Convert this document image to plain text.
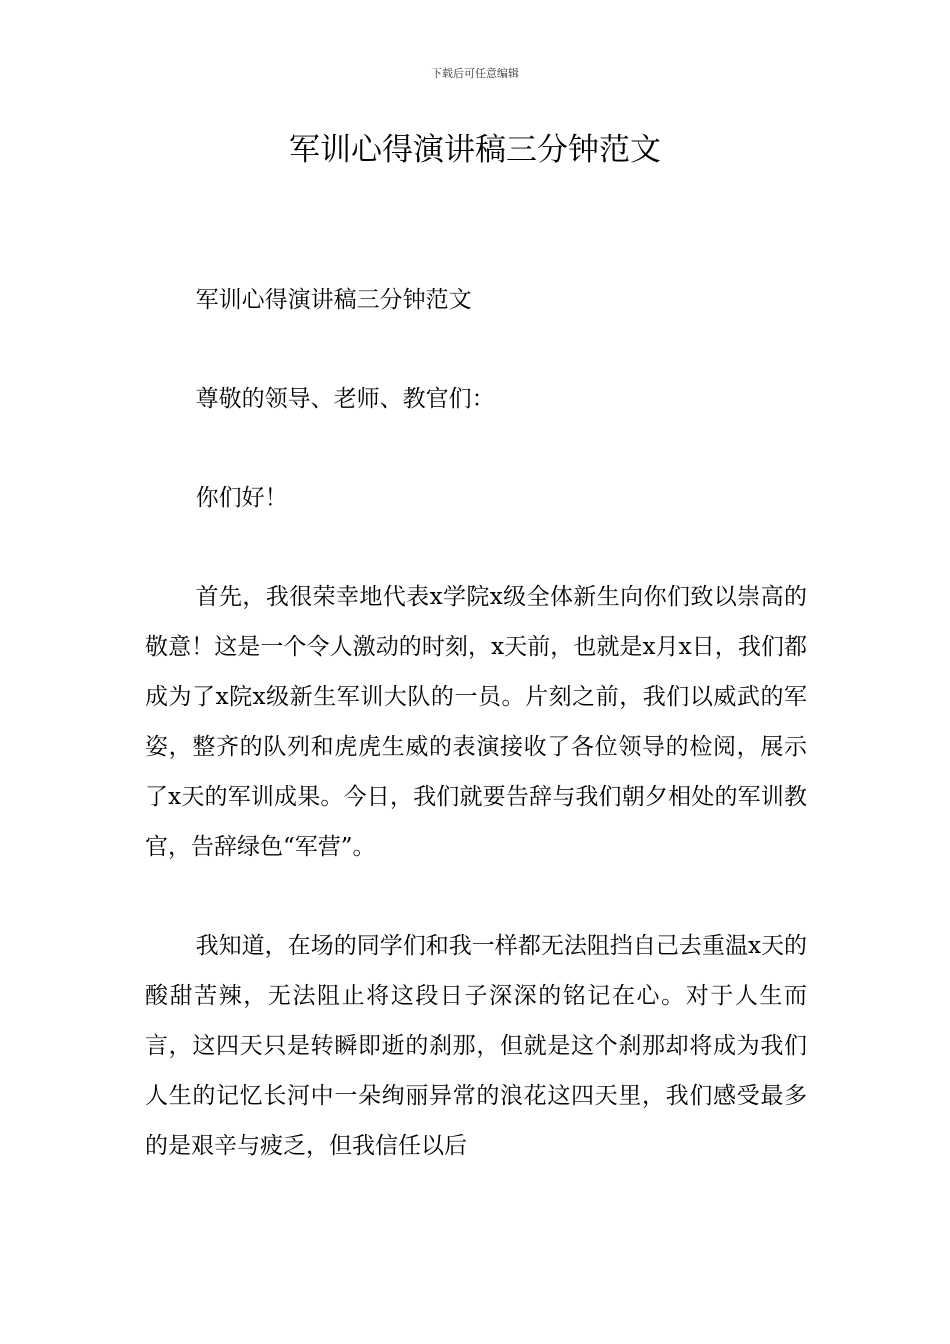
下载后可任意编辑
军训心得演讲稿三分钟范文

军训心得演讲稿三分钟范文

尊敬的领导、老师、教官们：

你们好！

首先，我很荣幸地代表x学院x级全体新生向你们致以崇高的敬意！这是一个令人激动的时刻，x天前，也就是x月x日，我们都成为了x院x级新生军训大队的一员。片刻之前，我们以威武的军姿，整齐的队列和虎虎生威的表演接收了各位领导的检阅，展示了x天的军训成果。今日，我们就要告辞与我们朝夕相处的军训教官，告辞绿色“军营”。

我知道，在场的同学们和我一样都无法阻挡自己去重温x天的酸甜苦辣，无法阻止将这段日子深深的铭记在心。对于人生而言，这四天只是转瞬即逝的刹那，但就是这个刹那却将成为我们人生的记忆长河中一朵绚丽异常的浪花这四天里，我们感受最多的是艰辛与疲乏，但我信任以后
